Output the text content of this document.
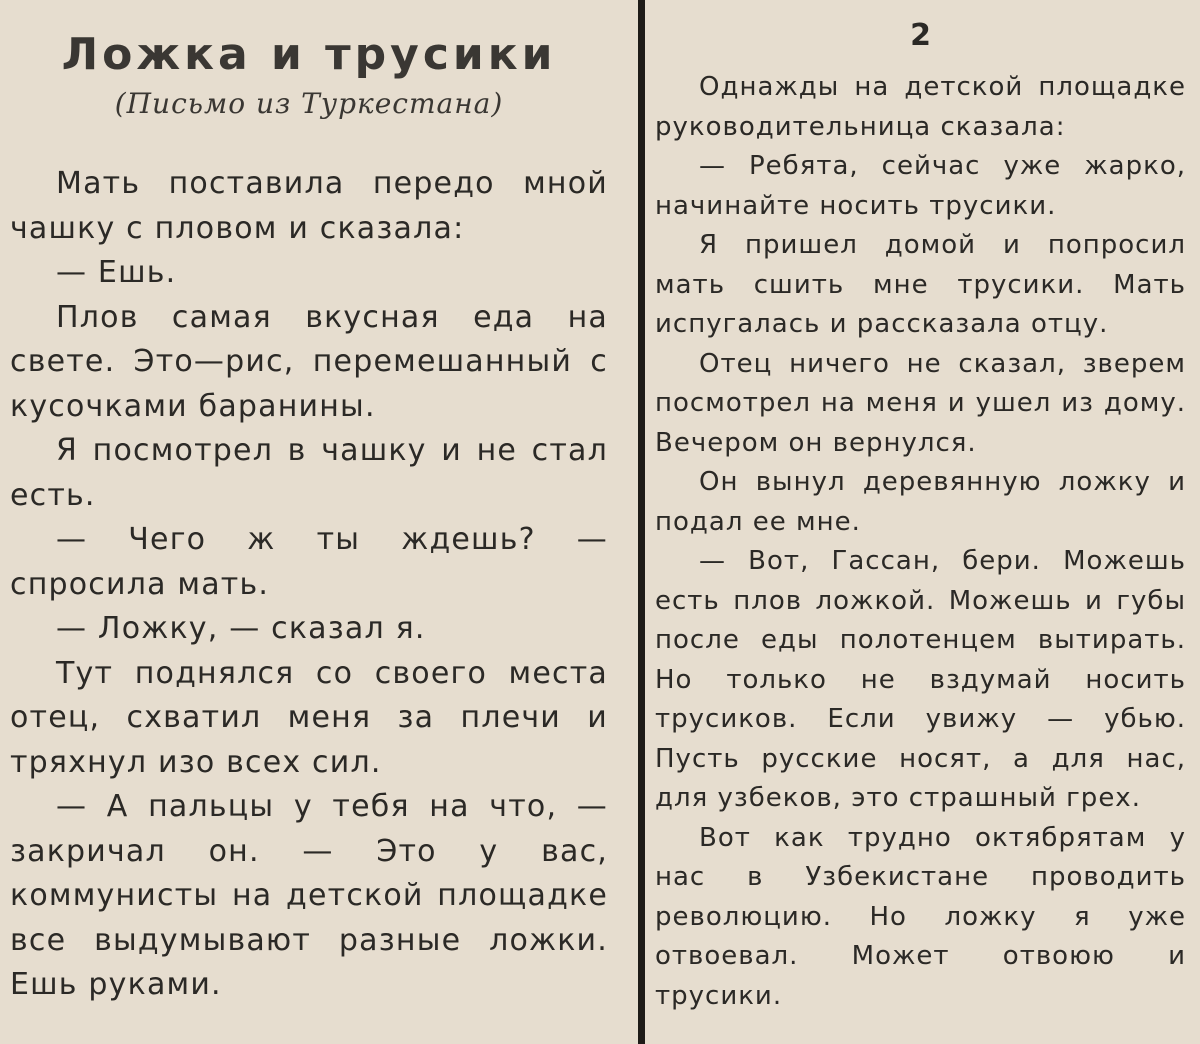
Ложка и трусики
(Письмо из Туркестана)

Мать поставила передо мной чашку с пловом и сказала:

— Ешь.

Плов самая вкусная еда на свете. Это—рис, перемешанный с кусочками баранины.

Я посмотрел в чашку и не стал есть.

— Чего ж ты ждешь? —спросила мать.

— Ложку, — сказал я.

Тут поднялся со своего места отец, схватил меня за плечи и тряхнул изо всех сил.

— А пальцы у тебя на что, — закричал он. — Это у вас, коммунисты на детской площадке все выдумывают разные ложки. Ешь руками.

2

Однажды на детской площадке руководительница сказала:

— Ребята, сейчас уже жарко, начинайте носить трусики.

Я пришел домой и попросил мать сшить мне трусики. Мать испугалась и рассказала отцу.

Отец ничего не сказал, зверем посмотрел на меня и ушел из дому. Вечером он вернулся.

Он вынул деревянную ложку и подал ее мне.

— Вот, Гассан, бери. Можешь есть плов ложкой. Можешь и губы после еды полотенцем вытирать. Но только не вздумай носить трусиков. Если увижу — убью. Пусть русские носят, а для нас, для узбеков, это страшный грех.

Вот как трудно октябрятам у нас в Узбекистане проводить революцию. Но ложку я уже отвоевал. Может отвоюю и трусики.
